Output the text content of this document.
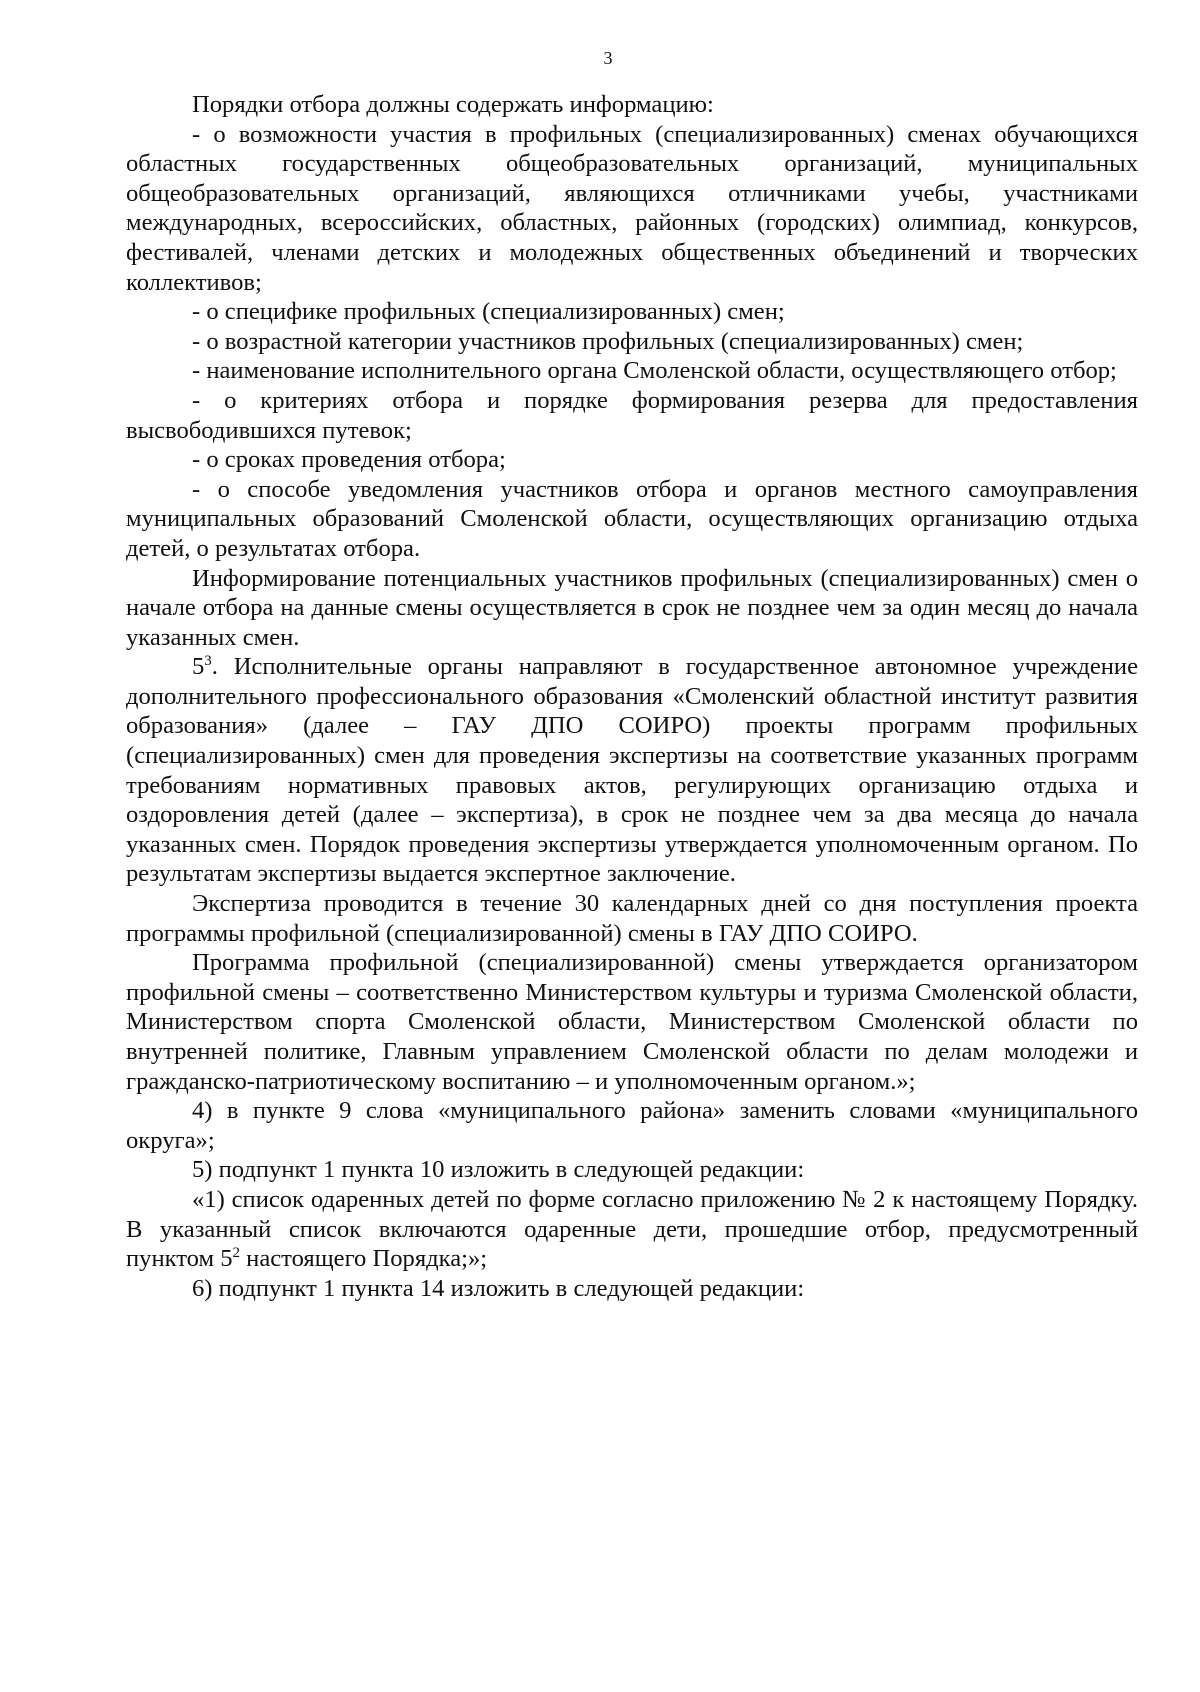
3

Порядки отбора должны содержать информацию:

- о возможности участия в профильных (специализированных) сменах обучающихся областных государственных общеобразовательных организаций, муниципальных общеобразовательных организаций, являющихся отличниками учебы, участниками международных, всероссийских, областных, районных (городских) олимпиад, конкурсов, фестивалей, членами детских и молодежных общественных объединений и творческих коллективов;

- о специфике профильных (специализированных) смен;

- о возрастной категории участников профильных (специализированных) смен;

- наименование исполнительного органа Смоленской области, осуществляющего отбор;

- о критериях отбора и порядке формирования резерва для предоставления высвободившихся путевок;

- о сроках проведения отбора;

- о способе уведомления участников отбора и органов местного самоуправления муниципальных образований Смоленской области, осуществляющих организацию отдыха детей, о результатах отбора.

Информирование потенциальных участников профильных (специализированных) смен о начале отбора на данные смены осуществляется в срок не позднее чем за один месяц до начала указанных смен.

$5^3$. Исполнительные органы направляют в государственное автономное учреждение дополнительного профессионального образования «Смоленский областной институт развития образования» (далее – ГАУ ДПО СОИРО) проекты программ профильных (специализированных) смен для проведения экспертизы на соответствие указанных программ требованиям нормативных правовых актов, регулирующих организацию отдыха и оздоровления детей (далее – экспертиза), в срок не позднее чем за два месяца до начала указанных смен. Порядок проведения экспертизы утверждается уполномоченным органом. По результатам экспертизы выдается экспертное заключение.

Экспертиза проводится в течение 30 календарных дней со дня поступления проекта программы профильной (специализированной) смены в ГАУ ДПО СОИРО.

Программа профильной (специализированной) смены утверждается организатором профильной смены – соответственно Министерством культуры и туризма Смоленской области, Министерством спорта Смоленской области, Министерством Смоленской области по внутренней политике, Главным управлением Смоленской области по делам молодежи и гражданско-патриотическому воспитанию – и уполномоченным органом.»;

4) в пункте 9 слова «муниципального района» заменить словами «муниципального округа»;

5) подпункт 1 пункта 10 изложить в следующей редакции:

«1) список одаренных детей по форме согласно приложению № 2 к настоящему Порядку. В указанный список включаются одаренные дети, прошедшие отбор, предусмотренный пунктом $5^2$ настоящего Порядка;»;

6) подпункт 1 пункта 14 изложить в следующей редакции:
